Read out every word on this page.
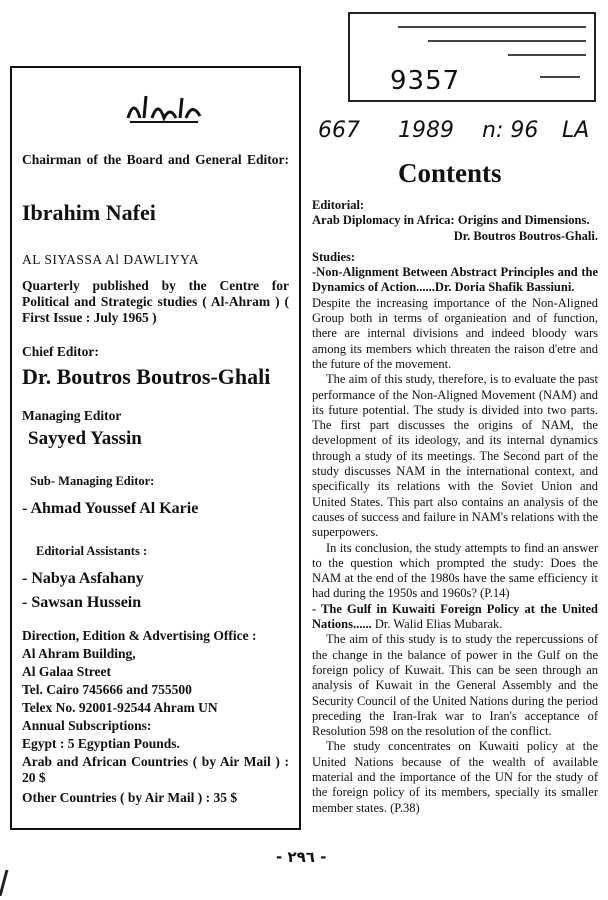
9357
667 1989 n: 96 LA
Chairman of the Board and General Editor:
Ibrahim Nafei
AL SIYASSA Al DAWLIYYA
Quarterly published by the Centre for Political and Strategic studies ( Al-Ahram ) ( First Issue : July 1965 )
Chief Editor:
Dr. Boutros Boutros-Ghali
Managing Editor
Sayyed Yassin
Sub- Managing Editor:
- Ahmad Youssef Al Karie
Editorial Assistants :
- Nabya Asfahany
- Sawsan Hussein
Direction, Edition & Advertising Office :
Al Ahram Building,
Al Galaa Street
Tel. Cairo 745666 and 755500
Telex No. 92001-92544 Ahram UN
Annual Subscriptions:
Egypt : 5 Egyptian Pounds.
Arab and African Countries ( by Air Mail ) : 20 $
Other Countries ( by Air Mail ) : 35 $
Contents
Editorial:
Arab Diplomacy in Africa: Origins and Dimensions.
Dr. Boutros Boutros-Ghali.
Studies:

-Non-Alignment Between Abstract Principles and the Dynamics of Action......Dr. Doria Shafik Bassiuni.

Despite the increasing importance of the Non-Aligned Group both in terms of organieation and of function, there are internal divisions and indeed bloody wars among its members which threaten the raison d'etre and the future of the movement.

The aim of this study, therefore, is to evaluate the past performance of the Non-Aligned Movement (NAM) and its future potential. The study is divided into two parts. The first part discusses the origins of NAM, the development of its ideology, and its internal dynamics through a study of its meetings. The Second part of the study discusses NAM in the international context, and specifically its relations with the Soviet Union and United States. This part also contains an analysis of the causes of success and failure in NAM's relations with the superpowers.

In its conclusion, the study attempts to find an answer to the question which prompted the study: Does the NAM at the end of the 1980s have the same efficiency it had during the 1950s and 1960s? (P.14)

- The Gulf in Kuwaiti Foreign Policy at the United Nations...... Dr. Walid Elias Mubarak.

The aim of this study is to study the repercussions of the change in the balance of power in the Gulf on the foreign policy of Kuwait. This can be seen through an analysis of Kuwait in the General Assembly and the Security Council of the United Nations during the period preceding the Iran-Irak war to Iran's acceptance of Resolution 598 on the resolution of the conflict.

The study concentrates on Kuwaiti policy at the United Nations because of the wealth of available material and the importance of the UN for the study of the foreign policy of its members, specially its smaller member states. (P.38)

- ٢٩٦ -
